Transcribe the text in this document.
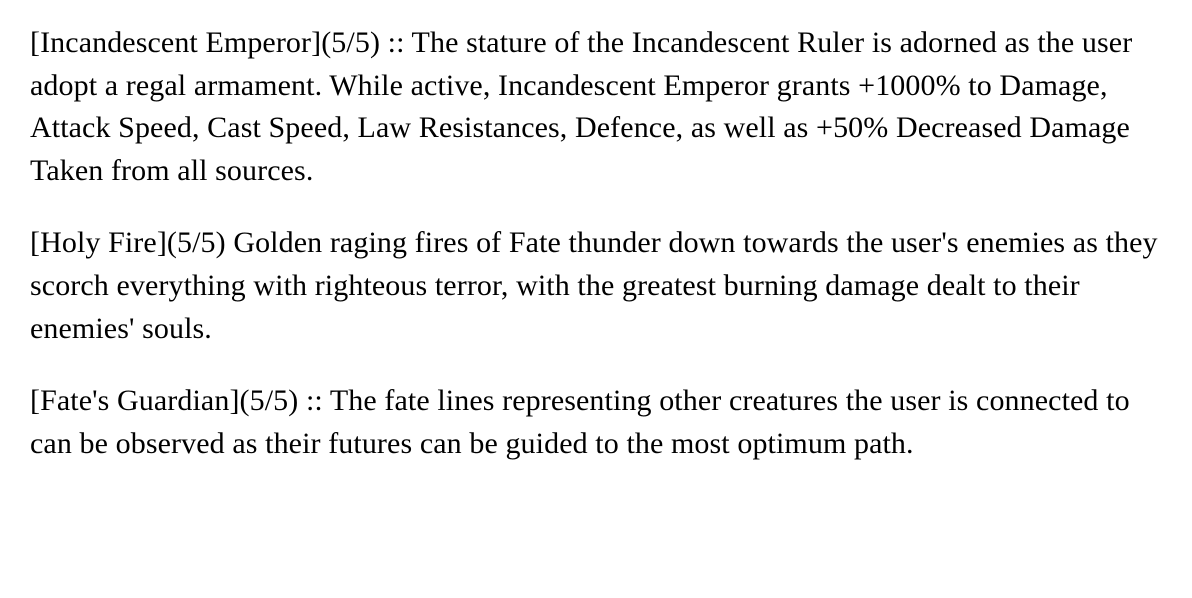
[Incandescent Emperor](5/5) :: The stature of the Incandescent Ruler is adorned as the user adopt a regal armament. While active, Incandescent Emperor grants +1000% to Damage, Attack Speed, Cast Speed, Law Resistances, Defence, as well as +50% Decreased Damage Taken from all sources.

[Holy Fire](5/5) Golden raging fires of Fate thunder down towards the user's enemies as they scorch everything with righteous terror, with the greatest burning damage dealt to their enemies' souls.

[Fate's Guardian](5/5) :: The fate lines representing other creatures the user is connected to can be observed as their futures can be guided to the most optimum path.
